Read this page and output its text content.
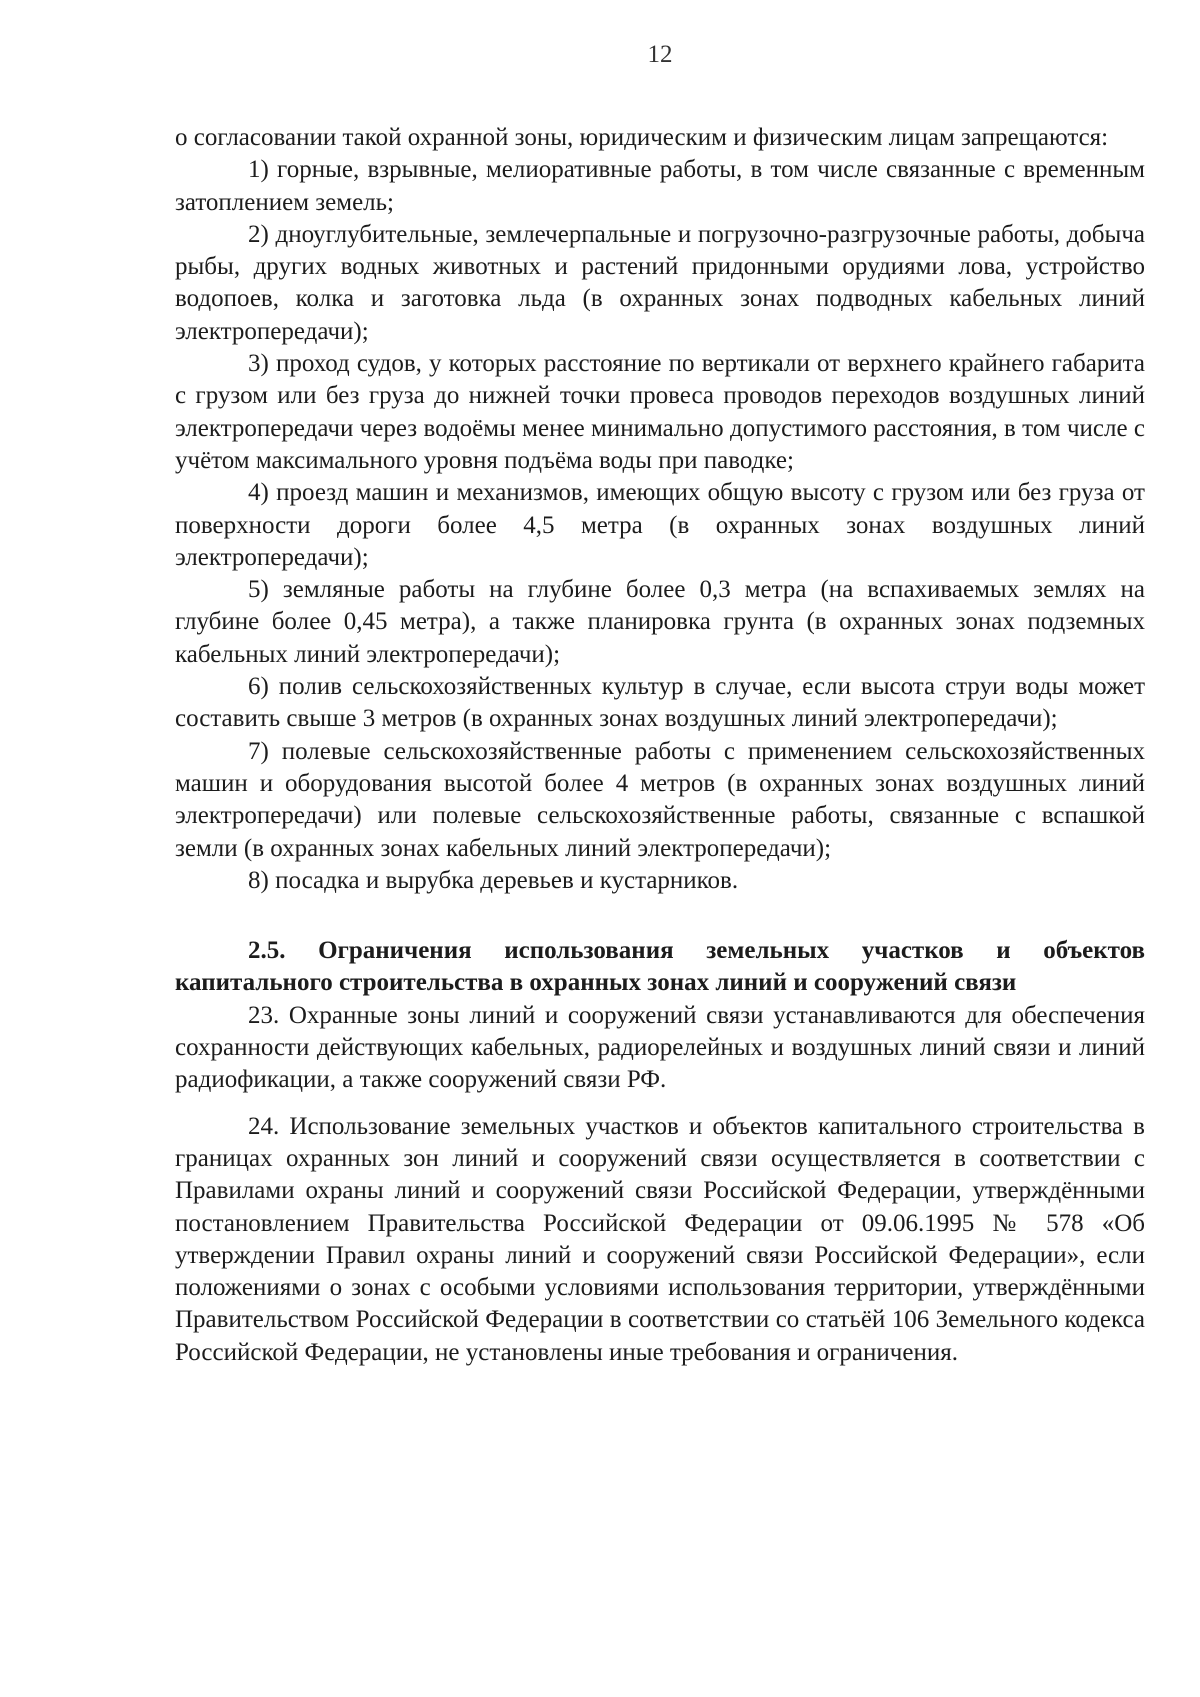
12

о согласовании такой охранной зоны, юридическим и физическим лицам запрещаются:

1) горные, взрывные, мелиоративные работы, в том числе связанные с временным затоплением земель;

2) дноуглубительные, землечерпальные и погрузочно-разгрузочные работы, добыча рыбы, других водных животных и растений придонными орудиями лова, устройство водопоев, колка и заготовка льда (в охранных зонах подводных кабельных линий электропередачи);

3) проход судов, у которых расстояние по вертикали от верхнего крайнего габарита с грузом или без груза до нижней точки провеса проводов переходов воздушных линий электропередачи через водоёмы менее минимально допустимого расстояния, в том числе с учётом максимального уровня подъёма воды при паводке;

4) проезд машин и механизмов, имеющих общую высоту с грузом или без груза от поверхности дороги более 4,5 метра (в охранных зонах воздушных линий электропередачи);

5) земляные работы на глубине более 0,3 метра (на вспахиваемых землях на глубине более 0,45 метра), а также планировка грунта (в охранных зонах подземных кабельных линий электропередачи);

6) полив сельскохозяйственных культур в случае, если высота струи воды может составить свыше 3 метров (в охранных зонах воздушных линий электропередачи);

7) полевые сельскохозяйственные работы с применением сельскохозяйственных машин и оборудования высотой более 4 метров (в охранных зонах воздушных линий электропередачи) или полевые сельскохозяйственные работы, связанные с вспашкой земли (в охранных зонах кабельных линий электропередачи);

8) посадка и вырубка деревьев и кустарников.

2.5. Ограничения использования земельных участков и объектов капитального строительства в охранных зонах линий и сооружений связи

23. Охранные зоны линий и сооружений связи устанавливаются для обеспечения сохранности действующих кабельных, радиорелейных и воздушных линий связи и линий радиофикации, а также сооружений связи РФ.

24. Использование земельных участков и объектов капитального строительства в границах охранных зон линий и сооружений связи осуществляется в соответствии с Правилами охраны линий и сооружений связи Российской Федерации, утверждёнными постановлением Правительства Российской Федерации от 09.06.1995 № 578 «Об утверждении Правил охраны линий и сооружений связи Российской Федерации», если положениями о зонах с особыми условиями использования территории, утверждёнными Правительством Российской Федерации в соответствии со статьёй 106 Земельного кодекса Российской Федерации, не установлены иные требования и ограничения.
